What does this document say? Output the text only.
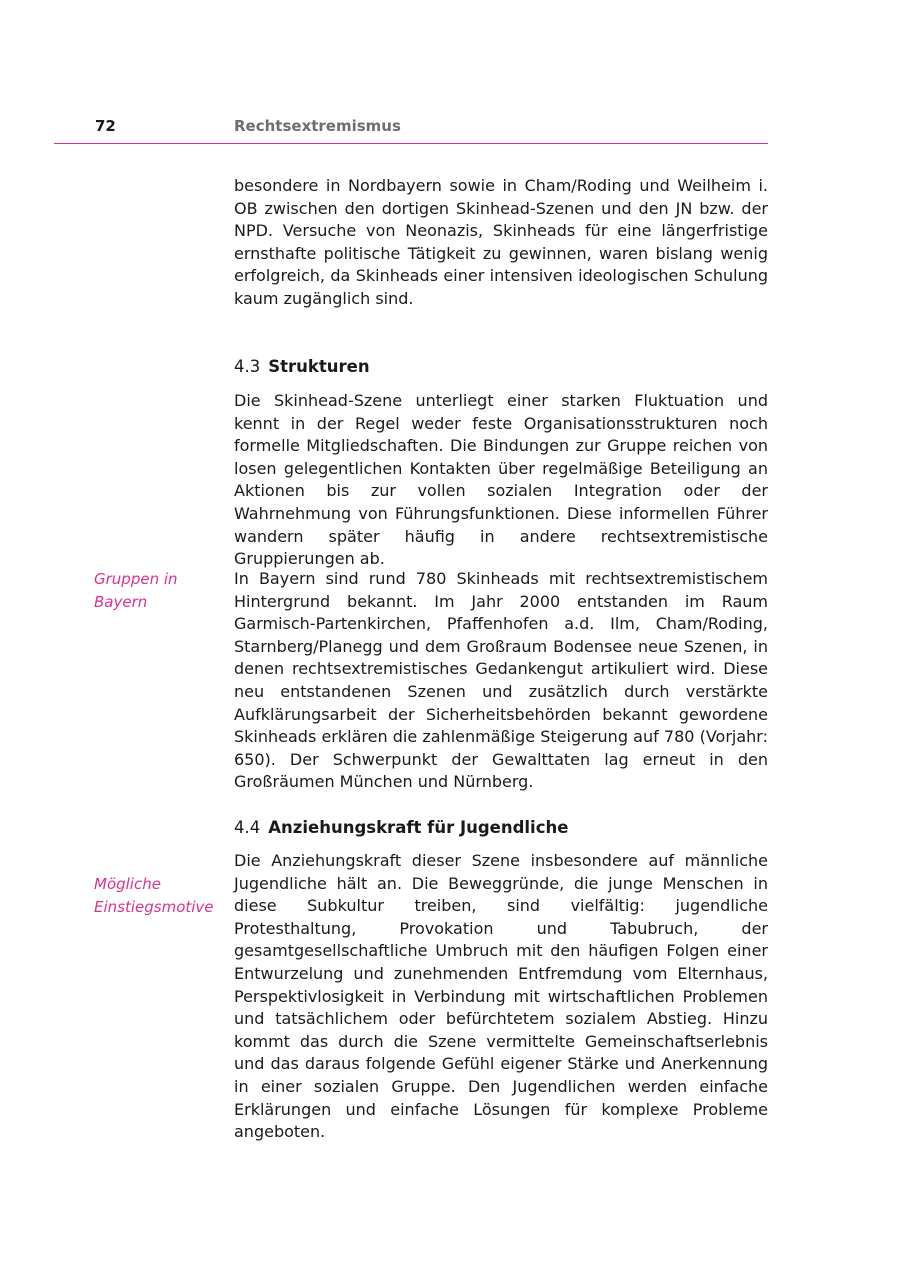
72	Rechtsextremismus

besondere in Nordbayern sowie in Cham/Roding und Weilheim i. OB zwischen den dortigen Skinhead-Szenen und den JN bzw. der NPD. Versuche von Neonazis, Skinheads für eine längerfristige ernsthafte politische Tätigkeit zu gewinnen, waren bislang wenig erfolgreich, da Skinheads einer intensiven ideologischen Schulung kaum zugänglich sind.

4.3 Strukturen

Die Skinhead-Szene unterliegt einer starken Fluktuation und kennt in der Regel weder feste Organisationsstrukturen noch formelle Mitgliedschaften. Die Bindungen zur Gruppe reichen von losen gelegentlichen Kontakten über regelmäßige Beteiligung an Aktionen bis zur vollen sozialen Integration oder der Wahrnehmung von Führungsfunktionen. Diese informellen Führer wandern später häufig in andere rechtsextremistische Gruppierungen ab.

Gruppen in Bayern

In Bayern sind rund 780 Skinheads mit rechtsextremistischem Hintergrund bekannt. Im Jahr 2000 entstanden im Raum Garmisch-Partenkirchen, Pfaffenhofen a.d. Ilm, Cham/Roding, Starnberg/Planegg und dem Großraum Bodensee neue Szenen, in denen rechtsextremistisches Gedankengut artikuliert wird. Diese neu entstandenen Szenen und zusätzlich durch verstärkte Aufklärungsarbeit der Sicherheitsbehörden bekannt gewordene Skinheads erklären die zahlenmäßige Steigerung auf 780 (Vorjahr: 650). Der Schwerpunkt der Gewalttaten lag erneut in den Großräumen München und Nürnberg.

4.4 Anziehungskraft für Jugendliche
Mögliche Einstiegsmotive

Die Anziehungskraft dieser Szene insbesondere auf männliche Jugendliche hält an. Die Beweggründe, die junge Menschen in diese Subkultur treiben, sind vielfältig: jugendliche Protesthaltung, Provokation und Tabubruch, der gesamtgesellschaftliche Umbruch mit den häufigen Folgen einer Entwurzelung und zunehmenden Entfremdung vom Elternhaus, Perspektivlosigkeit in Verbindung mit wirtschaftlichen Problemen und tatsächlichem oder befürchtetem sozialem Abstieg. Hinzu kommt das durch die Szene vermittelte Gemeinschaftserlebnis und das daraus folgende Gefühl eigener Stärke und Anerkennung in einer sozialen Gruppe. Den Jugendlichen werden einfache Erklärungen und einfache Lösungen für komplexe Probleme angeboten.
